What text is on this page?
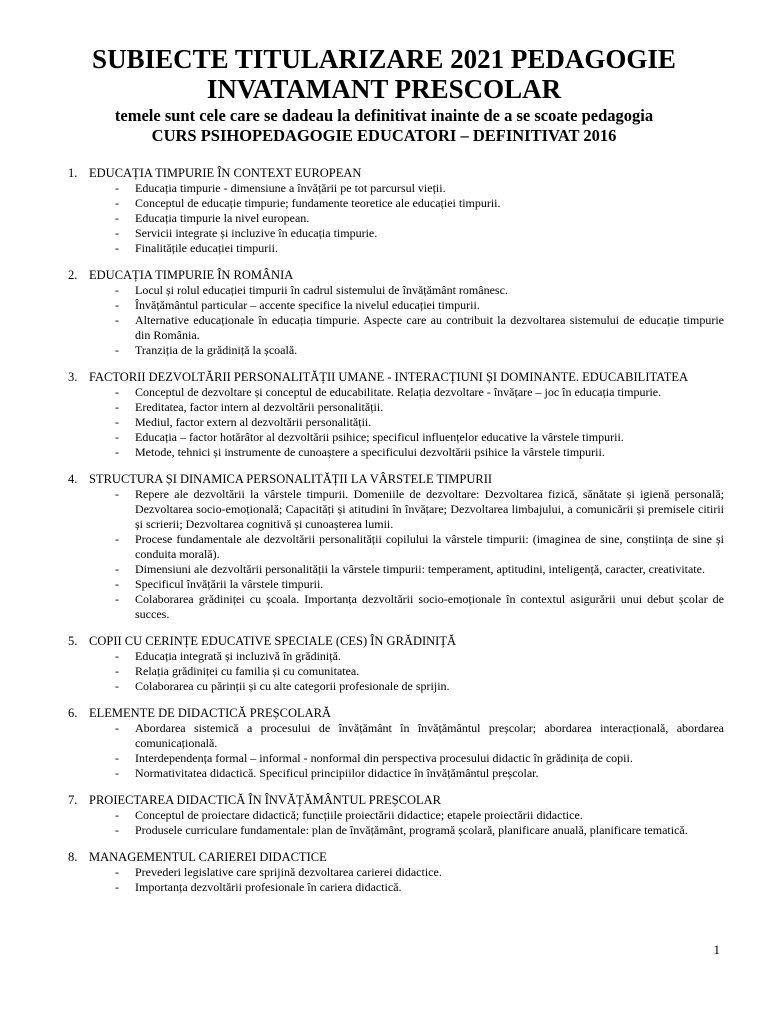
SUBIECTE TITULARIZARE 2021 PEDAGOGIE
INVATAMANT PRESCOLAR
temele sunt cele care se dadeau la definitivat inainte de a se scoate pedagogia
CURS PSIHOPEDAGOGIE EDUCATORI – DEFINITIVAT 2016
1. EDUCAȚIA TIMPURIE ÎN CONTEXT EUROPEAN
- Educația timpurie - dimensiune a învățării pe tot parcursul vieții.
- Conceptul de educație timpurie; fundamente teoretice ale educației timpurii.
- Educația timpurie la nivel european.
- Servicii integrate și incluzive în educația timpurie.
- Finalitățile educației timpurii.
2. EDUCAȚIA TIMPURIE ÎN ROMÂNIA
- Locul și rolul educației timpurii în cadrul sistemului de învățământ românesc.
- Învățământul particular – accente specifice la nivelul educației timpurii.
- Alternative educaționale în educația timpurie. Aspecte care au contribuit la dezvoltarea sistemului de educație timpurie din România.
- Tranziția de la grădiniță la școală.
3. FACTORII DEZVOLTĂRII PERSONALITĂȚII UMANE - INTERACȚIUNI ȘI DOMINANTE. EDUCABILITATEA
- Conceptul de dezvoltare și conceptul de educabilitate. Relația dezvoltare - învățare – joc în educația timpurie.
- Ereditatea, factor intern al dezvoltării personalității.
- Mediul, factor extern al dezvoltării personalității.
- Educația – factor hotărâtor al dezvoltării psihice; specificul influențelor educative la vârstele timpurii.
- Metode, tehnici și instrumente de cunoaștere a specificului dezvoltării psihice la vârstele timpurii.
4. STRUCTURA ȘI DINAMICA PERSONALITĂȚII LA VÂRSTELE TIMPURII
- Repere ale dezvoltării la vârstele timpurii. Domeniile de dezvoltare: Dezvoltarea fizică, sănătate și igienă personală; Dezvoltarea socio-emoțională; Capacități și atitudini în învățare; Dezvoltarea limbajului, a comunicării și premisele citirii și scrierii; Dezvoltarea cognitivă și cunoașterea lumii.
- Procese fundamentale ale dezvoltării personalității copilului la vârstele timpurii: (imaginea de sine, conștiința de sine și conduita morală).
- Dimensiuni ale dezvoltării personalității la vârstele timpurii: temperament, aptitudini, inteligență, caracter, creativitate.
- Specificul învățării la vârstele timpurii.
- Colaborarea grădiniței cu școala. Importanța dezvoltării socio-emoționale în contextul asigurării unui debut școlar de succes.
5. COPII CU CERINȚE EDUCATIVE SPECIALE (CES) ÎN GRĂDINIȚĂ
- Educația integrată și incluzivă în grădiniță.
- Relația grădiniței cu familia și cu comunitatea.
- Colaborarea cu părinții și cu alte categorii profesionale de sprijin.
6. ELEMENTE DE DIDACTICĂ PREȘCOLARĂ
- Abordarea sistemică a procesului de învățământ în învățământul preșcolar; abordarea interacțională, abordarea comunicațională.
- Interdependența formal – informal - nonformal din perspectiva procesului didactic în grădinița de copii.
- Normativitatea didactică. Specificul principiilor didactice în învățământul preșcolar.
7. PROIECTAREA DIDACTICĂ ÎN ÎNVĂȚĂMÂNTUL PREȘCOLAR
- Conceptul de proiectare didactică; funcțiile proiectării didactice; etapele proiectării didactice.
- Produsele curriculare fundamentale: plan de învățământ, programă școlară, planificare anuală, planificare tematică.
8. MANAGEMENTUL CARIEREI DIDACTICE
- Prevederi legislative care sprijină dezvoltarea carierei didactice.
- Importanța dezvoltării profesionale în cariera didactică.
1
